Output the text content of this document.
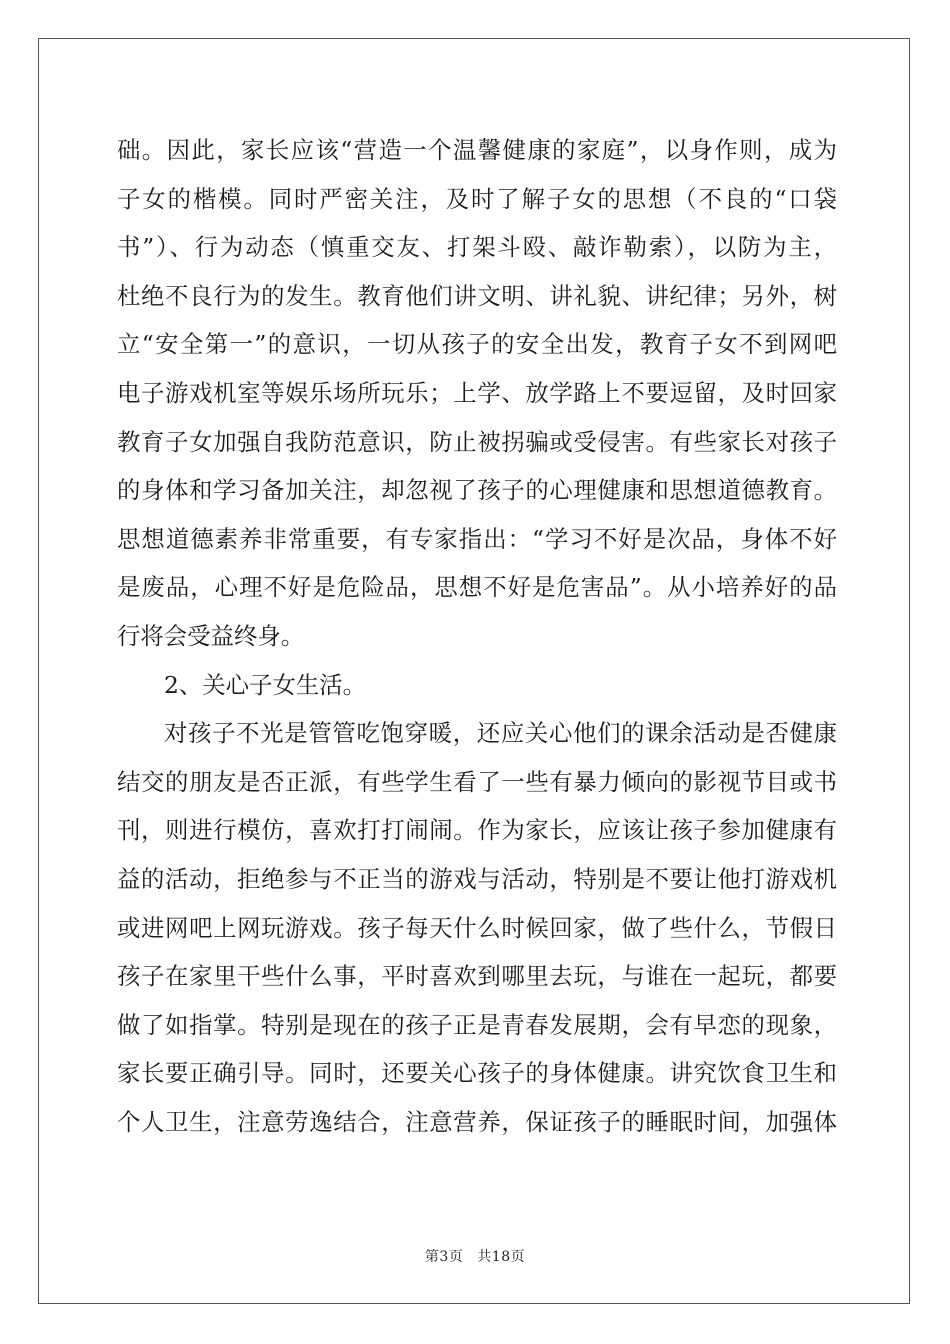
础。因此，家长应该“营造一个温馨健康的家庭”，以身作则，成为
子女的楷模。同时严密关注，及时了解子女的思想（不良的“口袋
书”）、行为动态（慎重交友、打架斗殴、敲诈勒索），以防为主，
杜绝不良行为的发生。教育他们讲文明、讲礼貌、讲纪律；另外，树
立“安全第一”的意识，一切从孩子的安全出发，教育子女不到网吧
电子游戏机室等娱乐场所玩乐；上学、放学路上不要逗留，及时回家
教育子女加强自我防范意识，防止被拐骗或受侵害。有些家长对孩子
的身体和学习备加关注，却忽视了孩子的心理健康和思想道德教育。
思想道德素养非常重要，有专家指出：“学习不好是次品，身体不好
是废品，心理不好是危险品，思想不好是危害品”。从小培养好的品
行将会受益终身。
2、关心子女生活。
对孩子不光是管管吃饱穿暖，还应关心他们的课余活动是否健康
结交的朋友是否正派，有些学生看了一些有暴力倾向的影视节目或书
刊，则进行模仿，喜欢打打闹闹。作为家长，应该让孩子参加健康有
益的活动，拒绝参与不正当的游戏与活动，特别是不要让他打游戏机
或进网吧上网玩游戏。孩子每天什么时候回家，做了些什么，节假日
孩子在家里干些什么事，平时喜欢到哪里去玩，与谁在一起玩，都要
做了如指掌。特别是现在的孩子正是青春发展期，会有早恋的现象，
家长要正确引导。同时，还要关心孩子的身体健康。讲究饮食卫生和
个人卫生，注意劳逸结合，注意营养，保证孩子的睡眠时间，加强体
第3页 共18页
